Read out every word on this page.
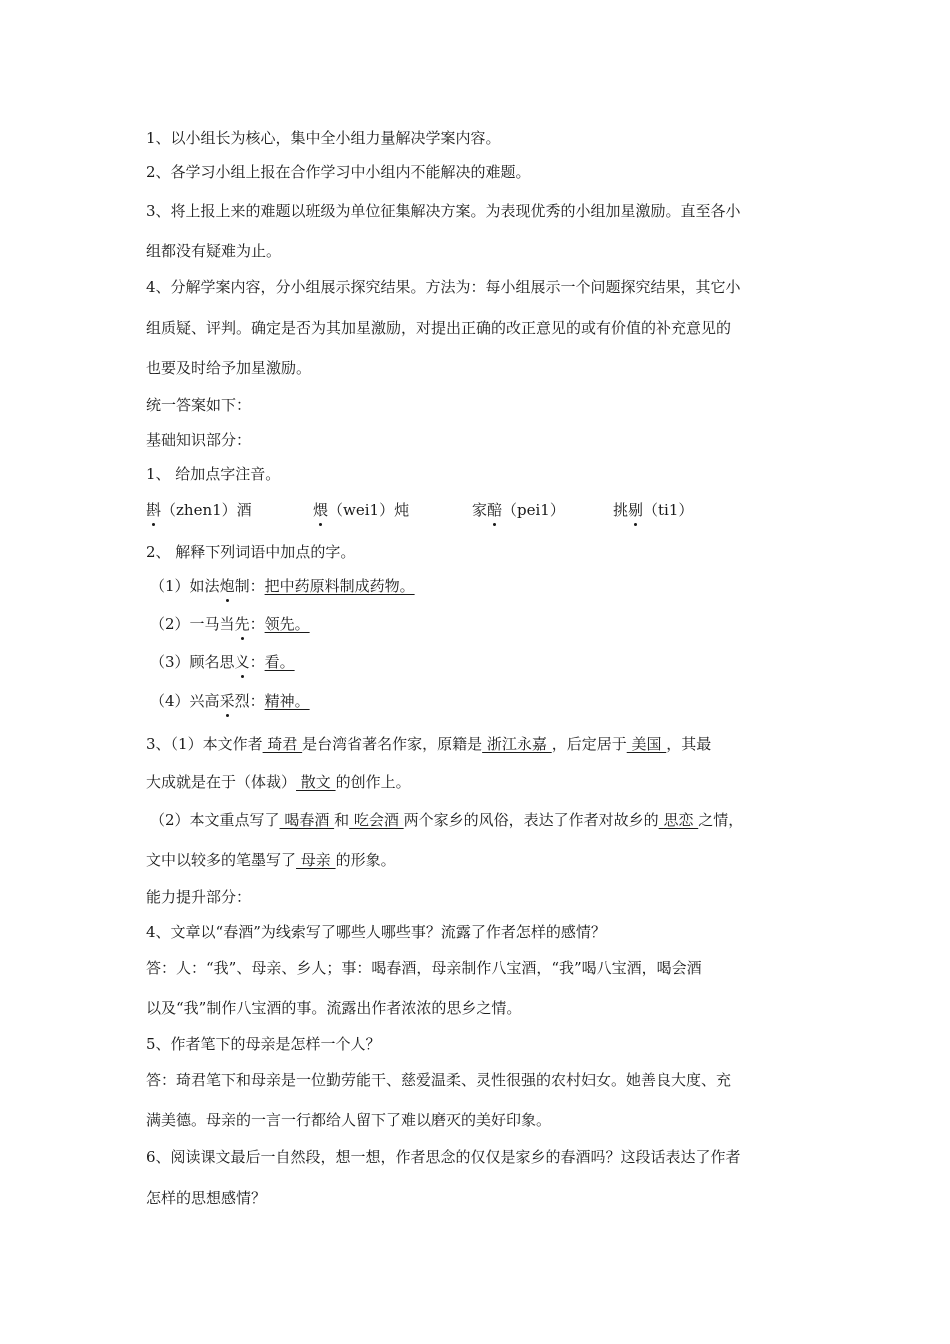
1、以小组长为核心，集中全小组力量解决学案内容。
2、各学习小组上报在合作学习中小组内不能解决的难题。
3、将上报上来的难题以班级为单位征集解决方案。为表现优秀的小组加星激励。直至各小
组都没有疑难为止。
4、分解学案内容，分小组展示探究结果。方法为：每小组展示一个问题探究结果，其它小
组质疑、评判。确定是否为其加星激励，对提出正确的改正意见的或有价值的补充意见的
也要及时给予加星激励。
统一答案如下：
基础知识部分：
1、 给加点字注音。
斟（zhen1）酒	煨（wei1）炖	家醅（pei1）	挑剔（ti1）
2、 解释下列词语中加点的字。
（1）如法炮制：把中药原料制成药物。
（2）一马当先：领先。
（3）顾名思义：看。
（4）兴高采烈：精神。
3、（1）本文作者 琦君 是台湾省著名作家，原籍是 浙江永嘉 ，后定居于 美国 ，其最
大成就是在于（体裁） 散文 的创作上。
（2）本文重点写了 喝春酒 和 吃会酒 两个家乡的风俗，表达了作者对故乡的 思恋 之情，
文中以较多的笔墨写了 母亲 的形象。
能力提升部分：
4、文章以“春酒”为线索写了哪些人哪些事？流露了作者怎样的感情？
答：人：“我”、母亲、乡人；事：喝春酒，母亲制作八宝酒，“我”喝八宝酒，喝会酒
以及“我”制作八宝酒的事。流露出作者浓浓的思乡之情。
5、作者笔下的母亲是怎样一个人？
答：琦君笔下和母亲是一位勤劳能干、慈爱温柔、灵性很强的农村妇女。她善良大度、充
满美德。母亲的一言一行都给人留下了难以磨灭的美好印象。
6、阅读课文最后一自然段，想一想，作者思念的仅仅是家乡的春酒吗？这段话表达了作者
怎样的思想感情？
